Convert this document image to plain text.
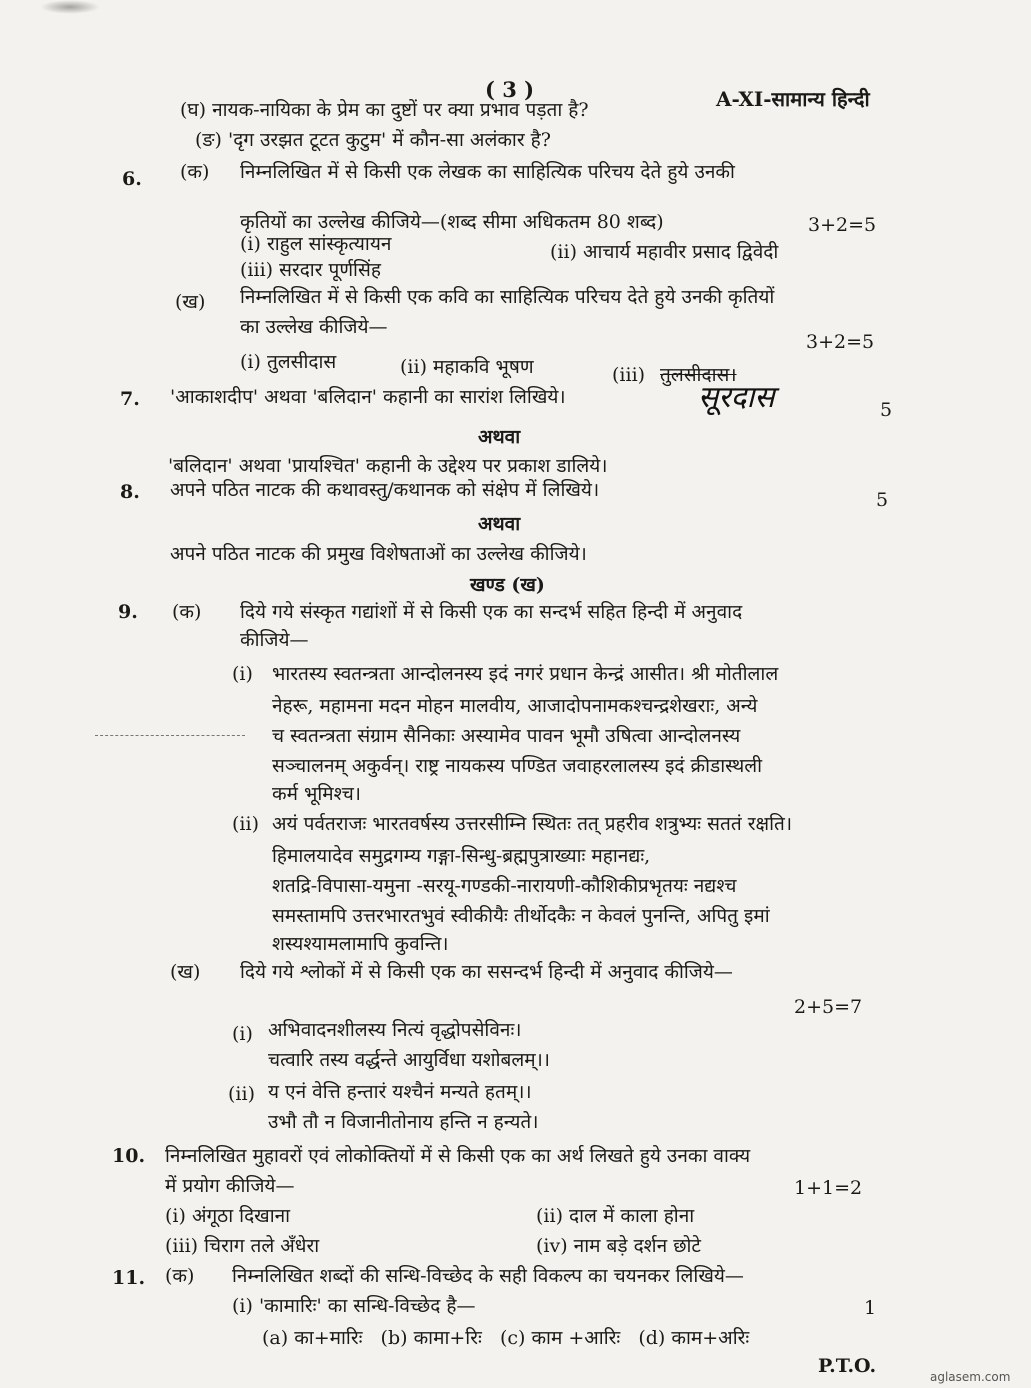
( 3 )	A-XI-सामान्य हिन्दी
(घ) नायक-नायिका के प्रेम का दुष्टों पर क्या प्रभाव पड़ता है?
(ङ) 'दृग उरझत टूटत कुटुम' में कौन-सा अलंकार है?
6. (क) निम्नलिखित में से किसी एक लेखक का साहित्यिक परिचय देते हुये उनकी
कृतियों का उल्लेख कीजिये—(शब्द सीमा अधिकतम 80 शब्द)	3+2=5
(i) राहुल सांस्कृत्यायन	(ii) आचार्य महावीर प्रसाद द्विवेदी
(iii) सरदार पूर्णसिंह
(ख) निम्नलिखित में से किसी एक कवि का साहित्यिक परिचय देते हुये उनकी कृतियों
का उल्लेख कीजिये—
3+2=5
(i) तुलसीदास	(ii) महाकवि भूषण	(iii) तुलसीदास।
7. 'आकाशदीप' अथवा 'बलिदान' कहानी का सारांश लिखिये।	सूरदास	5
अथवा
'बलिदान' अथवा 'प्रायश्चित' कहानी के उद्देश्य पर प्रकाश डालिये।
8. अपने पठित नाटक की कथावस्तु/कथानक को संक्षेप में लिखिये।	5
अथवा
अपने पठित नाटक की प्रमुख विशेषताओं का उल्लेख कीजिये।
खण्ड (ख)
9. (क) दिये गये संस्कृत गद्यांशों में से किसी एक का सन्दर्भ सहित हिन्दी में अनुवाद
कीजिये—
(i) भारतस्य स्वतन्त्रता आन्दोलनस्य इदं नगरं प्रधान केन्द्रं आसीत। श्री मोतीलाल
नेहरू, महामना मदन मोहन मालवीय, आजादोपनामकश्चन्द्रशेखराः, अन्ये
च स्वतन्त्रता संग्राम सैनिकाः अस्यामेव पावन भूमौ उषित्वा आन्दोलनस्य
सञ्चालनम् अकुर्वन्। राष्ट्र नायकस्य पण्डित जवाहरलालस्य इदं क्रीडास्थली
कर्म भूमिश्च।
(ii) अयं पर्वतराजः भारतवर्षस्य उत्तरसीम्नि स्थितः तत् प्रहरीव शत्रुभ्यः सततं रक्षति।
हिमालयादेव समुद्रगम्य गङ्गा-सिन्धु-ब्रह्मपुत्राख्याः महानद्यः,
शतद्रि-विपासा-यमुना -सरयू-गण्डकी-नारायणी-कौशिकीप्रभृतयः नद्यश्च
समस्तामपि उत्तरभारतभुवं स्वीकीयैः तीर्थोदकैः न केवलं पुनन्ति, अपितु इमां
शस्यश्यामलामापि कुवन्ति।
(ख) दिये गये श्लोकों में से किसी एक का ससन्दर्भ हिन्दी में अनुवाद कीजिये—
2+5=7
(i) अभिवादनशीलस्य नित्यं वृद्धोपसेविनः।
चत्वारि तस्य वर्द्धन्ते आयुर्विधा यशोबलम्।।
(ii) य एनं वेत्ति हन्तारं यश्चैनं मन्यते हतम्।।
उभौ तौ न विजानीतोनाय हन्ति न हन्यते।
10. निम्नलिखित मुहावरों एवं लोकोक्तियों में से किसी एक का अर्थ लिखते हुये उनका वाक्य
में प्रयोग कीजिये—	1+1=2
(i) अंगूठा दिखाना	(ii) दाल में काला होना
(iii) चिराग तले अँधेरा	(iv) नाम बड़े दर्शन छोटे
11. (क) निम्नलिखित शब्दों की सन्धि-विच्छेद के सही विकल्प का चयनकर लिखिये—
(i) 'कामारिः' का सन्धि-विच्छेद है—	1
(a) का+मारिः   (b) कामा+रिः   (c) काम +आरिः   (d) काम+अरिः
P.T.O.	aglasem.com
